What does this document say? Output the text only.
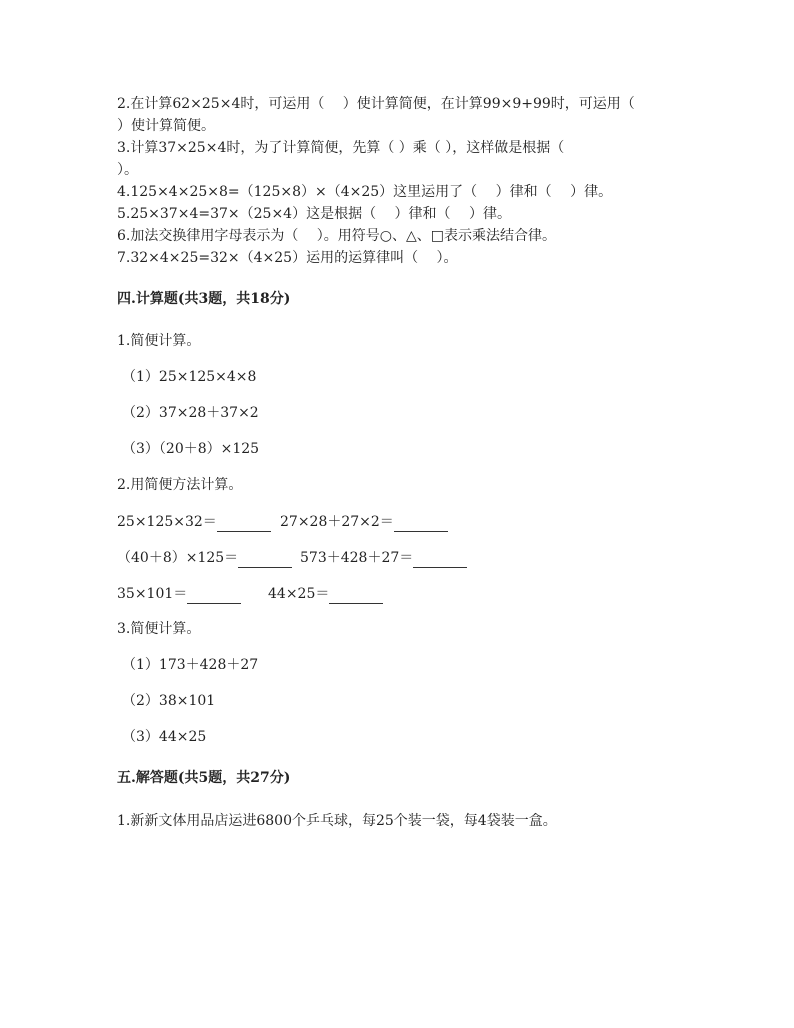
2.在计算62×25×4时，可运用（　 ）使计算简便，在计算99×9+99时，可运用（
）使计算简便。
3.计算37×25×4时，为了计算简便，先算（ ）乘（ ），这样做是根据（
）。
4.125×4×25×8=（125×8）×（4×25）这里运用了（　 ）律和（　 ）律。
5.25×37×4=37×（25×4）这是根据（　 ）律和（　 ）律。
6.加法交换律用字母表示为（　 ）。用符号○、△、□表示乘法结合律。
7.32×4×25=32×（4×25）运用的运算律叫（　 ）。
四.计算题(共3题，共18分)
1.简便计算。
（1）25×125×4×8
（2）37×28＋37×2
（3）（20＋8）×125
2.用简便方法计算。
25×125×32＝	27×28＋27×2＝
（40＋8）×125＝	573＋428＋27＝
35×101＝	44×25＝
3.简便计算。
（1）173＋428＋27
（2）38×101
（3）44×25
五.解答题(共5题，共27分)
1.新新文体用品店运进6800个乒乓球，每25个装一袋，每4袋装一盒。
